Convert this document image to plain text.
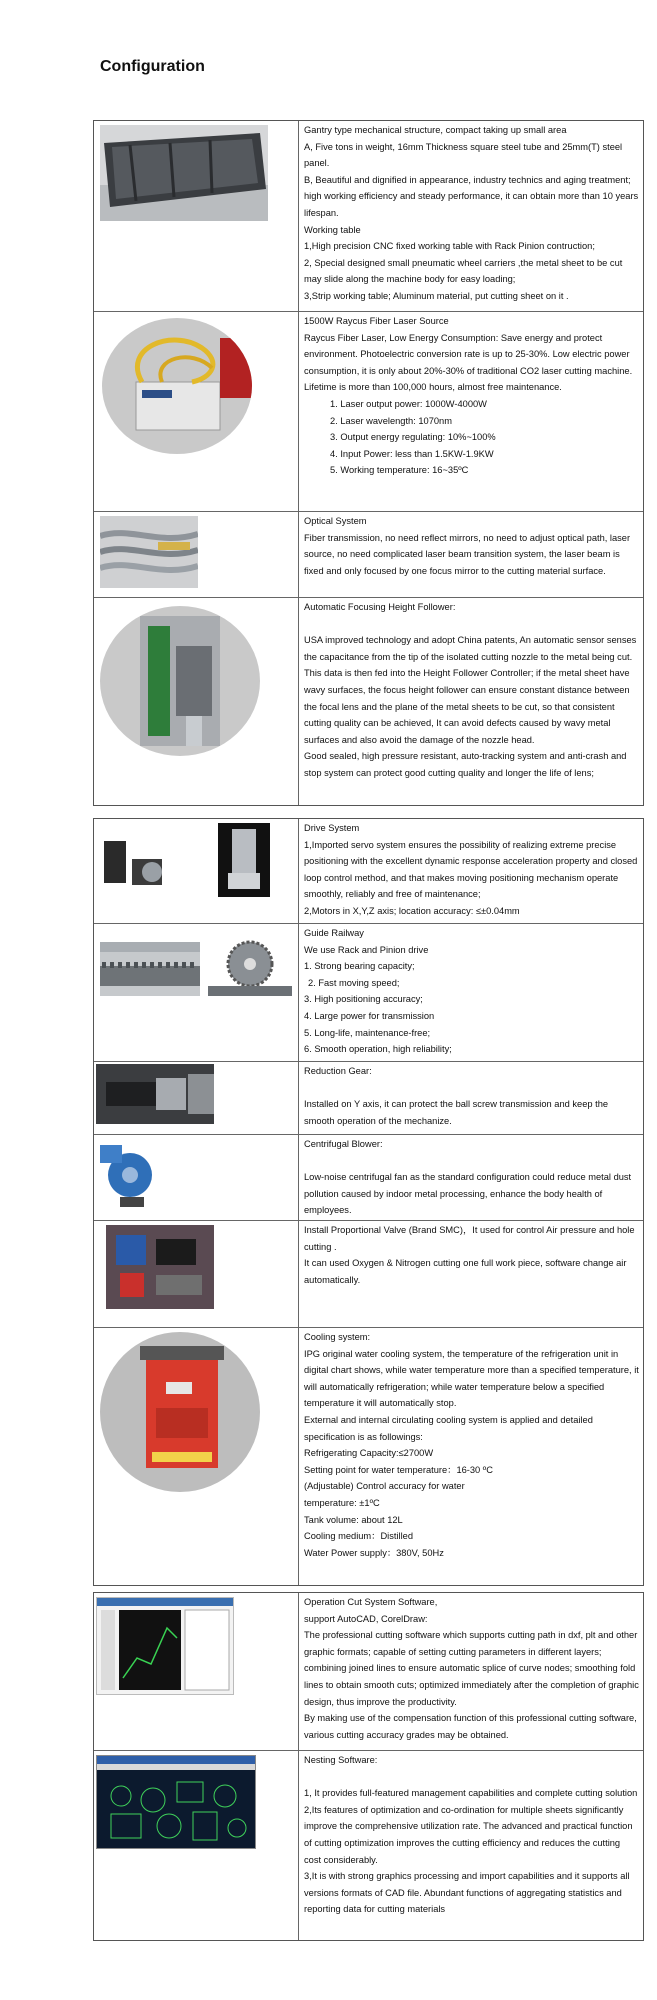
Configuration

Gantry type mechanical structure, compact taking up small area

A, Five tons in weight, 16mm Thickness square steel tube and 25mm(T) steel panel.

B, Beautiful and dignified in appearance, industry technics and aging treatment; high working efficiency and steady performance, it can obtain more than 10 years lifespan.

Working table

1,High precision CNC fixed working table with Rack Pinion contruction;

2, Special designed small pneumatic wheel carriers ,the metal sheet to be cut may slide along the machine body for easy loading;

3,Strip working table; Aluminum material, put cutting sheet on it .

1500W Raycus Fiber Laser Source

Raycus Fiber Laser, Low Energy Consumption: Save energy and protect environment. Photoelectric conversion rate is up to 25-30%. Low electric power consumption, it is only about 20%-30% of traditional CO2 laser cutting machine.

Lifetime is more than 100,000 hours, almost free maintenance.

1. Laser output power: 1000W-4000W

2. Laser wavelength: 1070nm

3. Output energy regulating: 10%~100%

4. Input Power: less than 1.5KW-1.9KW

5. Working temperature: 16~35ºC

Optical System

Fiber transmission, no need reflect mirrors, no need to adjust optical path, laser source, no need complicated laser beam transition system, the laser beam is fixed and only focused by one focus mirror to the cutting material surface.

Automatic Focusing Height Follower:

USA improved technology and adopt China patents, An automatic sensor senses the capacitance from the tip of the isolated cutting nozzle to the metal being cut. This data is then fed into the Height Follower Controller; if the metal sheet have wavy surfaces, the focus height follower can ensure constant distance between the focal lens and the plane of the metal sheets to be cut, so that consistent cutting quality can be achieved, It can avoid defects caused by wavy metal surfaces and also avoid the damage of the nozzle head.

Good sealed, high pressure resistant, auto-tracking system and anti-crash and stop system can protect good cutting quality and longer the life of lens;

Drive System

1,Imported servo system ensures the possibility of realizing extreme precise positioning with the excellent dynamic response acceleration property and closed loop control method, and that makes moving positioning mechanism operate smoothly, reliably and free of maintenance;

2,Motors in X,Y,Z axis; location accuracy: ≤±0.04mm

Guide Railway

We use Rack and Pinion drive

1. Strong bearing capacity;

2. Fast moving speed;

3. High positioning accuracy;

4. Large power for transmission

5. Long-life, maintenance-free;

6. Smooth operation, high reliability;

Reduction Gear:

Installed on Y axis, it can protect the ball screw transmission and keep the smooth operation of the mechanize.

Centrifugal Blower:

Low-noise centrifugal fan as the standard configuration could reduce metal dust pollution caused by indoor metal processing, enhance the body health of employees.

Install Proportional Valve (Brand SMC)，It used for control Air pressure and hole cutting .

It can used Oxygen & Nitrogen cutting one full work piece, software change air automatically.

Cooling system:

IPG original water cooling system, the temperature of the refrigeration unit in digital chart shows, while water temperature more than a specified temperature, it will automatically refrigeration; while water temperature below a specified temperature it will automatically stop.

External and internal circulating cooling system is applied and detailed specification is as followings:

Refrigerating Capacity:≤2700W

Setting point for water temperature：16-30 ºC

(Adjustable) Control accuracy for water

temperature: ±1ºC

Tank volume: about 12L

Cooling medium：Distilled

Water Power supply：380V, 50Hz

Operation Cut System Software,

support AutoCAD, CorelDraw:

The professional cutting software which supports cutting path in dxf, plt and other graphic formats; capable of setting cutting parameters in different layers; combining joined lines to ensure automatic splice of curve nodes; smoothing fold lines to obtain smooth cuts; optimized immediately after the completion of graphic design, thus improve the productivity.

By making use of the compensation function of this professional cutting software, various cutting accuracy grades may be obtained.

Nesting Software:

1, It provides full-featured management capabilities and complete cutting solution

2,Its features of optimization and co-ordination for multiple sheets significantly improve the comprehensive utilization rate. The advanced and practical function of cutting optimization improves the cutting efficiency and reduces the cutting cost considerably.

3,It is with strong graphics processing and import capabilities and it supports all versions formats of CAD file. Abundant functions of aggregating statistics and reporting data for cutting materials
